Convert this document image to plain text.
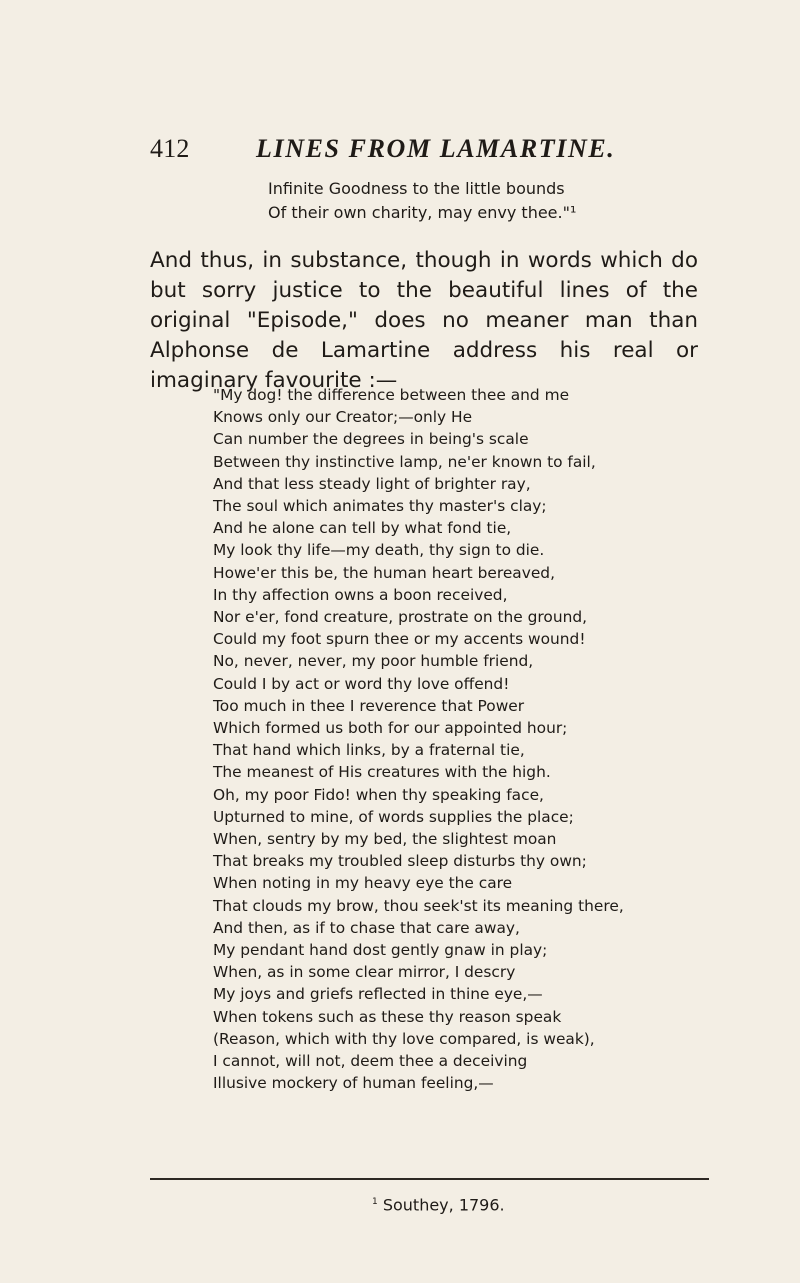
412	LINES FROM LAMARTINE.
Infinite Goodness to the little bounds
Of their own charity, may envy thee."¹
And thus, in substance, though in words which do but sorry justice to the beautiful lines of the original "Episode," does no meaner man than Alphonse de Lamartine address his real or imaginary favourite :—
"My dog! the difference between thee and me
Knows only our Creator;—only He
Can number the degrees in being's scale
Between thy instinctive lamp, ne'er known to fail,
And that less steady light of brighter ray,
The soul which animates thy master's clay;
And he alone can tell by what fond tie,
My look thy life—my death, thy sign to die.
Howe'er this be, the human heart bereaved,
In thy affection owns a boon received,
Nor e'er, fond creature, prostrate on the ground,
Could my foot spurn thee or my accents wound!
No, never, never, my poor humble friend,
Could I by act or word thy love offend!
Too much in thee I reverence that Power
Which formed us both for our appointed hour;
That hand which links, by a fraternal tie,
The meanest of His creatures with the high.
Oh, my poor Fido! when thy speaking face,
Upturned to mine, of words supplies the place;
When, sentry by my bed, the slightest moan
That breaks my troubled sleep disturbs thy own;
When noting in my heavy eye the care
That clouds my brow, thou seek'st its meaning there,
And then, as if to chase that care away,
My pendant hand dost gently gnaw in play;
When, as in some clear mirror, I descry
My joys and griefs reflected in thine eye,—
When tokens such as these thy reason speak
(Reason, which with thy love compared, is weak),
I cannot, will not, deem thee a deceiving
Illusive mockery of human feeling,—
$^1$ Southey, 1796.
